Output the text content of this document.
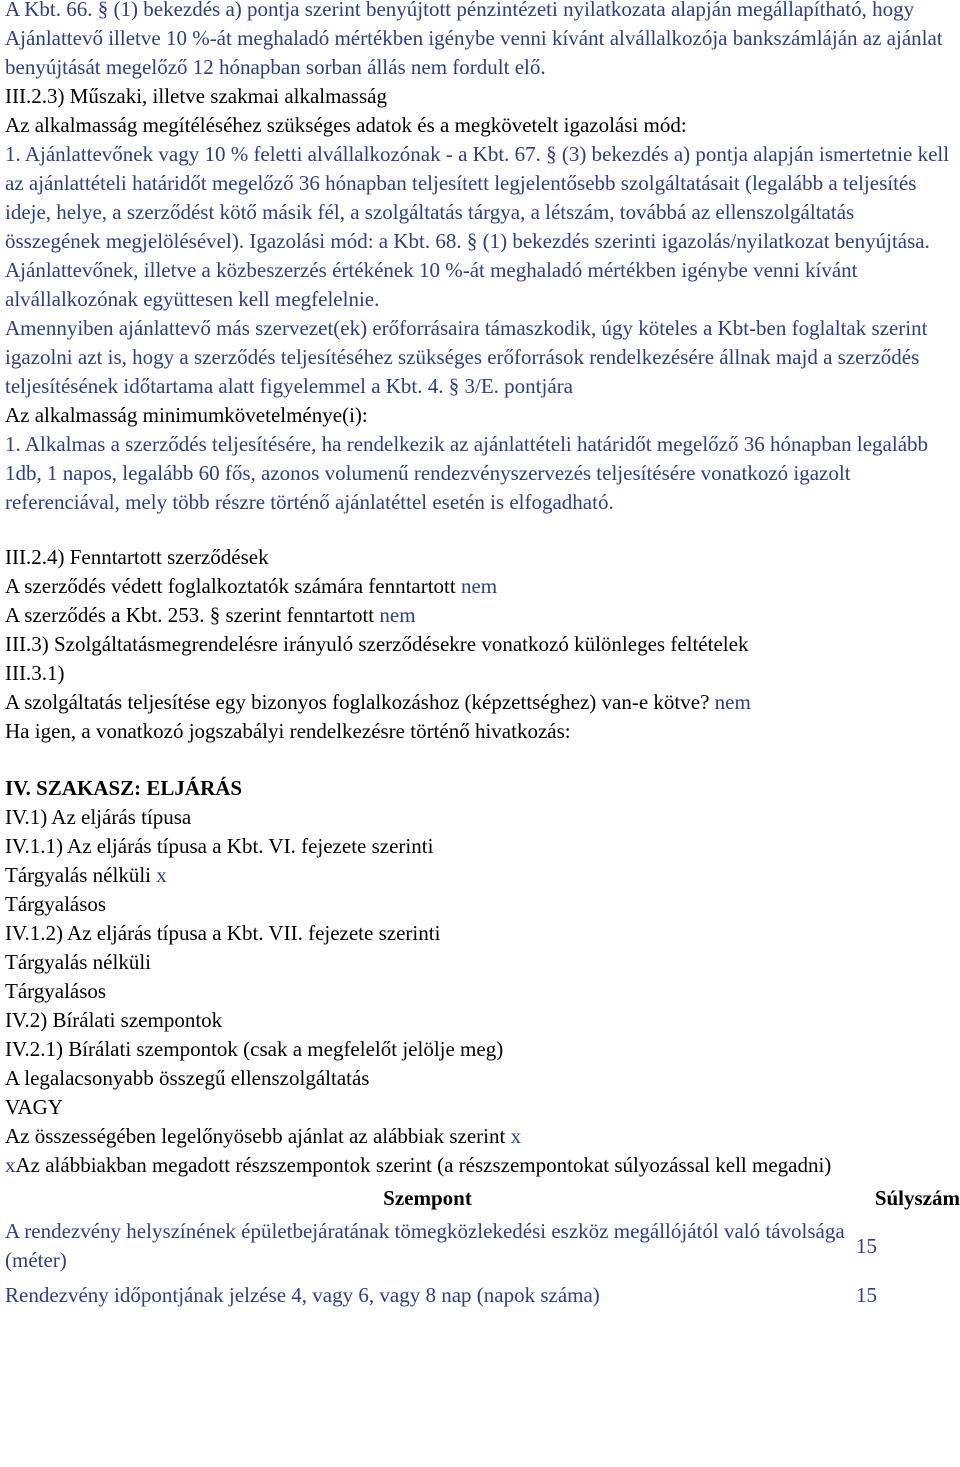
A Kbt. 66. § (1) bekezdés a) pontja szerint benyújtott pénzintézeti nyilatkozata alapján megállapítható, hogy Ajánlattevő illetve 10 %-át meghaladó mértékben igénybe venni kívánt alvállalkozója bankszámláján az ajánlat benyújtását megelőző 12 hónapban sorban állás nem fordult elő.

III.2.3) Műszaki, illetve szakmai alkalmasság

Az alkalmasság megítéléséhez szükséges adatok és a megkövetelt igazolási mód:

1. Ajánlattevőnek vagy 10 % feletti alvállalkozónak - a Kbt. 67. § (3) bekezdés a) pontja alapján ismertetnie kell az ajánlattételi határidőt megelőző 36 hónapban teljesített legjelentősebb szolgáltatásait (legalább a teljesítés ideje, helye, a szerződést kötő másik fél, a szolgáltatás tárgya, a létszám, továbbá az ellenszolgáltatás összegének megjelölésével). Igazolási mód: a Kbt. 68. § (1) bekezdés szerinti igazolás/nyilatkozat benyújtása.

Ajánlattevőnek, illetve a közbeszerzés értékének 10 %-át meghaladó mértékben igénybe venni kívánt alvállalkozónak együttesen kell megfelelnie.

Amennyiben ajánlattevő más szervezet(ek) erőforrásaira támaszkodik, úgy köteles a Kbt-ben foglaltak szerint igazolni azt is, hogy a szerződés teljesítéséhez szükséges erőforrások rendelkezésére állnak majd a szerződés teljesítésének időtartama alatt figyelemmel a Kbt. 4. § 3/E. pontjára

Az alkalmasság minimumkövetelménye(i):

1. Alkalmas a szerződés teljesítésére, ha rendelkezik az ajánlattételi határidőt megelőző 36 hónapban legalább 1db, 1 napos, legalább 60 fős, azonos volumenű rendezvényszervezés teljesítésére vonatkozó igazolt referenciával, mely több részre történő ajánlatéttel esetén is elfogadható.

III.2.4) Fenntartott szerződések

A szerződés védett foglalkoztatók számára fenntartott nem

A szerződés a Kbt. 253. § szerint fenntartott nem

III.3) Szolgáltatásmegrendelésre irányuló szerződésekre vonatkozó különleges feltételek

III.3.1)

A szolgáltatás teljesítése egy bizonyos foglalkozáshoz (képzettséghez) van-e kötve? nem

Ha igen, a vonatkozó jogszabályi rendelkezésre történő hivatkozás:

IV. SZAKASZ: ELJÁRÁS

IV.1) Az eljárás típusa

IV.1.1) Az eljárás típusa a Kbt. VI. fejezete szerinti

Tárgyalás nélküli x

Tárgyalásos

IV.1.2) Az eljárás típusa a Kbt. VII. fejezete szerinti

Tárgyalás nélküli

Tárgyalásos

IV.2) Bírálati szempontok

IV.2.1) Bírálati szempontok (csak a megfelelőt jelölje meg)

A legalacsonyabb összegű ellenszolgáltatás

VAGY

Az összességében legelőnyösebb ajánlat az alábbiak szerint x

xAz alábbiakban megadott részszempontok szerint (a részszempontokat súlyozással kell megadni)

Szempont	Súlyszám
A rendezvény helyszínének épületbejáratának tömegközlekedési eszköz megállójától való távolsága (méter)	15
Rendezvény időpontjának jelzése 4, vagy 6, vagy 8 nap (napok száma)	15
